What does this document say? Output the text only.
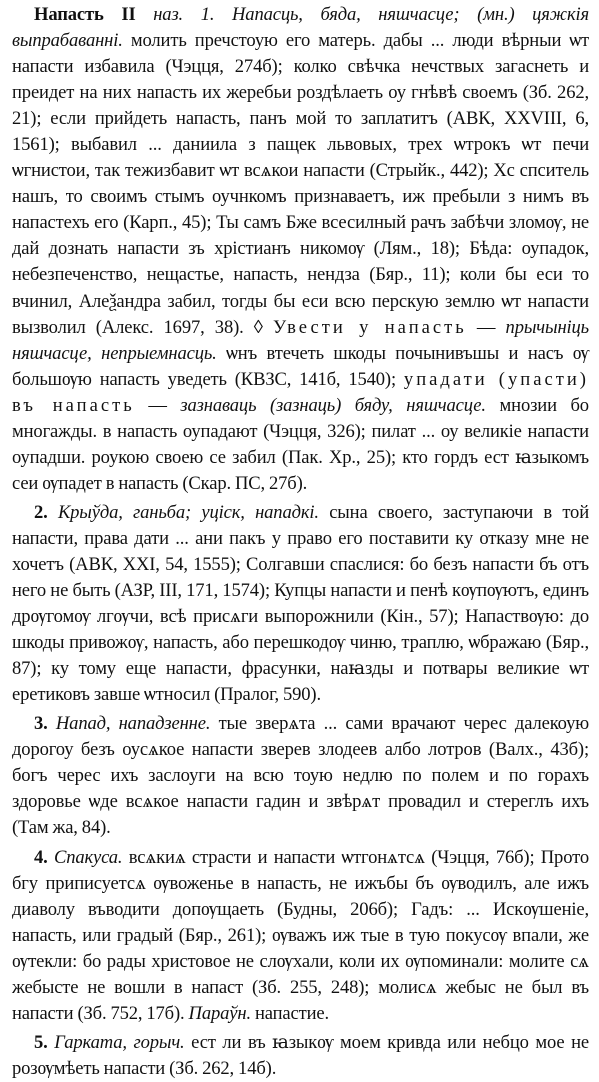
Напасть II наз. 1. Напасць, бяда, няшчасце; (мн.) цяжкія выпрабаванні. молить пречстоую его матерь. дабы ... люди вѣрныи ѡт напасти избавила (Чэцця, 274б); колко свѣчка нечствых загаснеть и преидет на них напасть их жеребьи роздѣлаеть оу гнѣвѣ своемъ (Зб. 262, 21); если прийдеть напасть, панъ мой то заплатитъ (АВК, XXVIII, 6, 1561); выбавил ... даниила з пащек львовых, трех ѡтрокъ ѡт печи ѡгнистои, так тежизбавит ѡт всѧкои напасти (Стрыйк., 442); Хс спситель нашъ, то своимъ стымъ оучнкомъ признаваетъ, иж пребыли з нимъ въ напастехъ его (Карп., 45); Ты самъ Бже всесилный рачъ забѣчи зломѹ, не дай дознать напасти зъ хрістианъ никомѹ (Лям., 18); Бѣда: оупадок, небезпеченство, нещастье, напасть, нендза (Бяр., 11); коли бы еси то вчинил, Алеѯандра забил, тогды бы еси всю перскую землю ѡт напасти вызволил (Алекс. 1697, 38). ◊ Увести у напасть — прычыніць няшчасце, непрыемнасць. ѡнъ втечеть шкоды почынивъшы и насъ ѹ большѹю напасть уведеть (КВЗС, 141б, 1540); упадати (упасти) въ напасть — зазнаваць (зазнаць) бяду, няшчасце. мнозии бо многажды. в напасть оупадают (Чэцця, 326); пилат ... оу великіе напасти оупадши. роукою своею се забил (Пак. Хр., 25); кто гордъ ест ꙗзыкомъ сеи ѹпадет в напасть (Скар. ПС, 27б).

2. Крыўда, ганьба; уціск, нападкі. сына своего, заступаючи в той напасти, права дати ... ани пакъ у право его поставити ку отказу мне не хочетъ (АВК, XXI, 54, 1555); Солгавши спаслися: бо безъ напасти бъ отъ него не быть (АЗР, III, 171, 1574); Купцы напасти и пенѣ кѹпѹютъ, единъ дрѹгомѹ лгѹчи, всѣ присѧги выпорожнили (Кін., 57); Напаствѹю: до шкоды привожѹ, напасть, або перешкодѹ чиню, траплю, ѡбражаю (Бяр., 87); ку тому еще напасти, фрасунки, наꙗзды и потвары великие ѡт еретиковъ завше ѡтносил (Пралог, 590).

3. Напад, нападзенне. тые зверѧта ... сами врачают черес далекоую дорогоу безъ оусѧкое напасти зверев злодеев албо лотров (Валх., 43б); богъ черес ихъ заслоуги на всю тоую недлю по полем и по горахъ здоровье ѡде всѧкое напасти гадин и звѣрѧт провадил и стерeглъ ихъ (Там жа, 84).

4. Спакуса. всѧкиѧ страсти и напасти ѡтгонѧтсѧ (Чэцця, 76б); Прото бгу приписуетсѧ ѹвоженье в напасть, не ижъбы бъ ѹводилъ, але ижъ диаволу въводити допѹщаеть (Будны, 206б); Гадъ: ... Искѹшеніе, напасть, или градый (Бяр., 261); ѹважъ иж тые в тую покусѹ впали, же ѹтекли: бо рады христовое не слѹхали, коли их ѹпоминали: молите сѧ жебысте не вошли в напаст (Зб. 255, 248); молисѧ жебыс не был въ напасти (Зб. 752, 17б). Параўн. напастие.

5. Гарката, горыч. ест ли въ ꙗзыкѹ моем кривда или небцо мое не розѹмѣеть напасти (Зб. 262, 14б).
